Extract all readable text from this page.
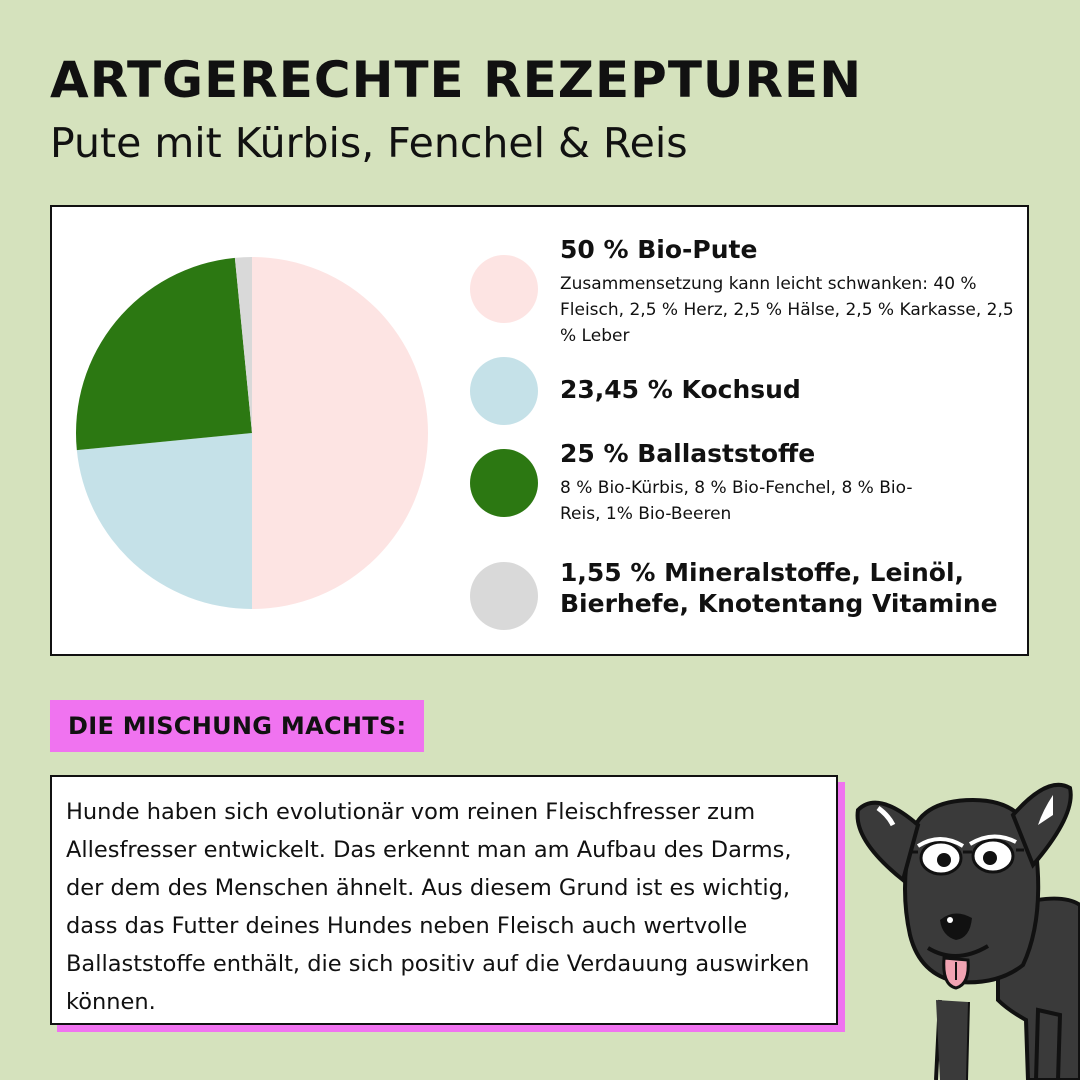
ARTGERECHTE REZEPTUREN
Pute mit Kürbis, Fenchel & Reis
50 % Bio-Pute
Zusammensetzung kann leicht schwanken: 40 % Fleisch, 2,5 % Herz, 2,5 % Hälse, 2,5 % Karkasse, 2,5 % Leber
23,45 % Kochsud
25 % Ballaststoffe
8 % Bio-Kürbis, 8 % Bio-Fenchel, 8 % Bio-Reis, 1% Bio-Beeren
1,55 % Mineralstoffe, Leinöl, Bierhefe, Knotentang Vitamine
DIE MISCHUNG MACHTS:
Hunde haben sich evolutionär vom reinen Fleischfresser zum Allesfresser entwickelt. Das erkennt man am Aufbau des Darms, der dem des Menschen ähnelt. Aus diesem Grund ist es wichtig, dass das Futter deines Hundes neben Fleisch auch wertvolle Ballaststoffe enthält, die sich positiv auf die Verdauung auswirken können.
